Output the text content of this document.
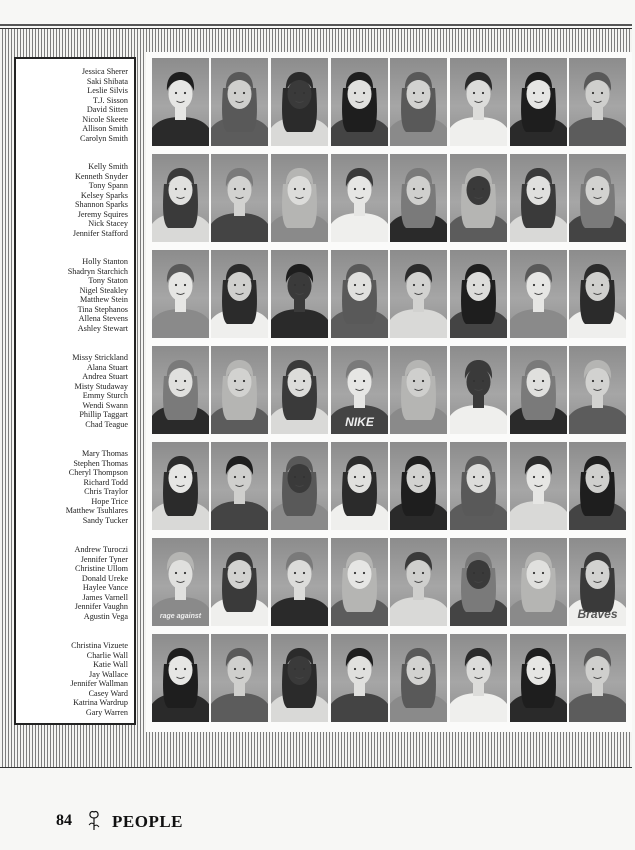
Jessica Sherer
Saki Shibata
Leslie Silvis
T.J. Sisson
David Sitten
Nicole Skeete
Allison Smith
Carolyn Smith
Kelly Smith
Kenneth Snyder
Tony Spann
Kelsey Sparks
Shannon Sparks
Jeremy Squires
Nick Stacey
Jennifer Stafford
Holly Stanton
Shadryn Starchich
Tony Staton
Nigel Steakley
Matthew Stein
Tina Stephanos
Allena Stevens
Ashley Stewart
Missy Strickland
Alana Stuart
Andrea Stuart
Misty Studaway
Emmy Sturch
Wendi Swann
Phillip Taggart
Chad Teague
Mary Thomas
Stephen Thomas
Cheryl Thompson
Richard Todd
Chris Traylor
Hope Trice
Matthew Tsuhlares
Sandy Tucker
Andrew Turoczi
Jennifer Tyner
Christine Ullom
Donald Ureke
Haylee Vance
James Varnell
Jennifer Vaughn
Agustin Vega
Christina Vizuete
Charlie Wall
Katie Wall
Jay Wallace
Jennifer Wallman
Casey Ward
Katrina Wardrup
Gary Warren
NIKE
rage against	Braves
84 PEOPLE
